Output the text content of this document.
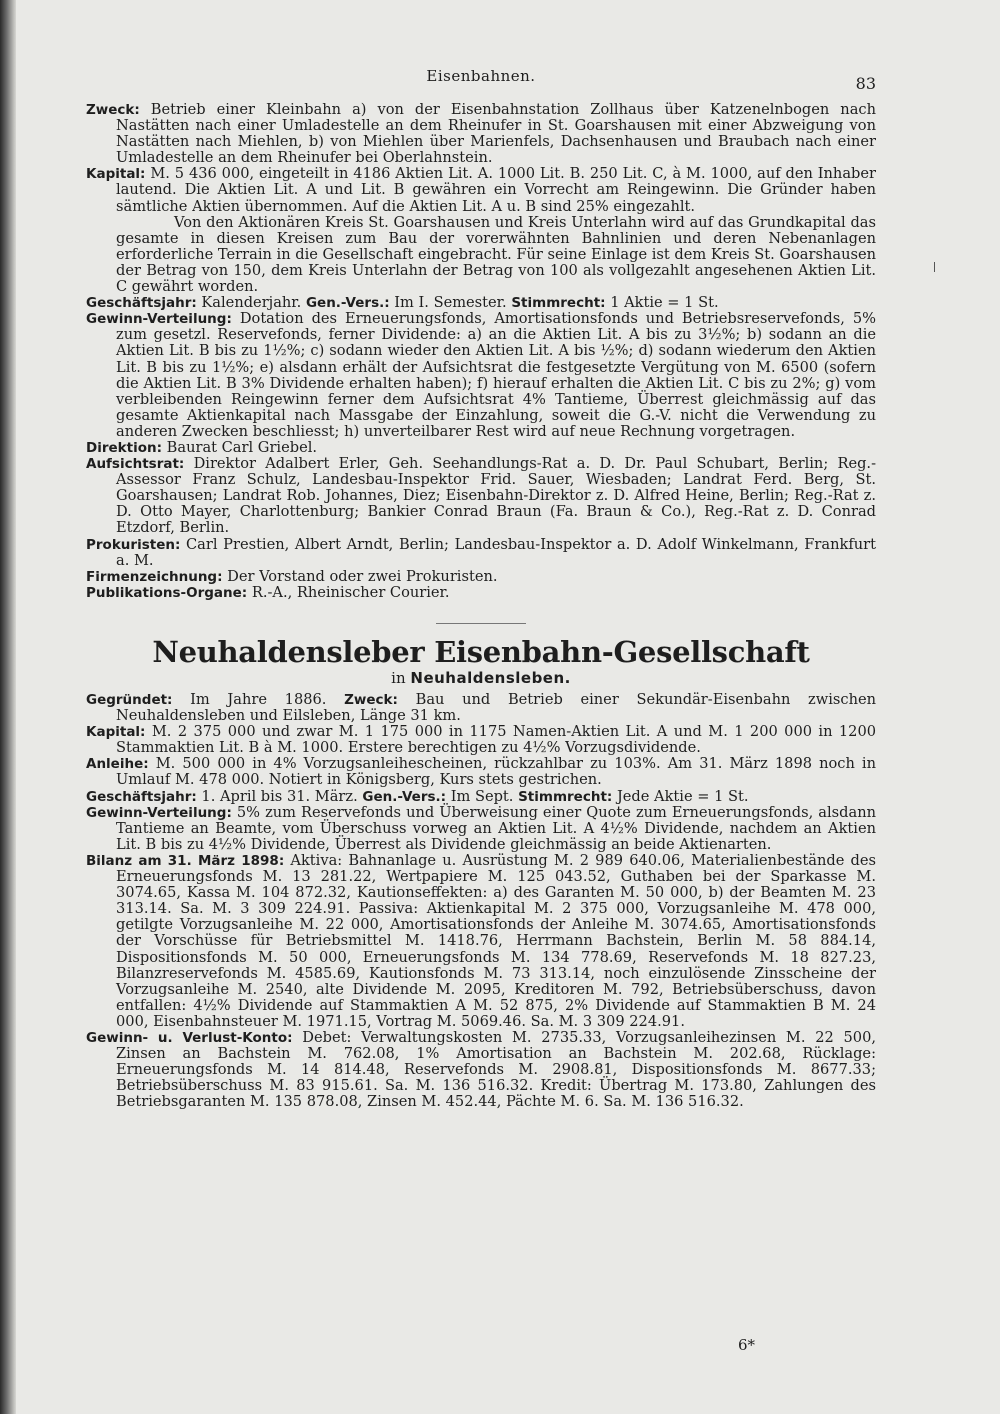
Eisenbahnen.	83

Zweck: Betrieb einer Kleinbahn a) von der Eisenbahnstation Zollhaus über Katzenelnbogen nach Nastätten nach einer Umladestelle an dem Rheinufer in St. Goarshausen mit einer Abzweigung von Nastätten nach Miehlen, b) von Miehlen über Marienfels, Dachsenhausen und Braubach nach einer Umladestelle an dem Rheinufer bei Oberlahnstein.

Kapital: M. 5 436 000, eingeteilt in 4186 Aktien Lit. A. 1000 Lit. B. 250 Lit. C, à M. 1000, auf den Inhaber lautend. Die Aktien Lit. A und Lit. B gewähren ein Vorrecht am Reingewinn. Die Gründer haben sämtliche Aktien übernommen. Auf die Aktien Lit. A u. B sind 25% eingezahlt.

Von den Aktionären Kreis St. Goarshausen und Kreis Unterlahn wird auf das Grundkapital das gesamte in diesen Kreisen zum Bau der vorerwähnten Bahnlinien und deren Nebenanlagen erforderliche Terrain in die Gesellschaft eingebracht. Für seine Einlage ist dem Kreis St. Goarshausen der Betrag von 150, dem Kreis Unterlahn der Betrag von 100 als vollgezahlt angesehenen Aktien Lit. C gewährt worden.

Geschäftsjahr: Kalenderjahr. Gen.-Vers.: Im I. Semester. Stimmrecht: 1 Aktie = 1 St.

Gewinn-Verteilung: Dotation des Erneuerungsfonds, Amortisationsfonds und Betriebsreservefonds, 5% zum gesetzl. Reservefonds, ferner Dividende: a) an die Aktien Lit. A bis zu 3½%; b) sodann an die Aktien Lit. B bis zu 1½%; c) sodann wieder den Aktien Lit. A bis ½%; d) sodann wiederum den Aktien Lit. B bis zu 1½%; e) alsdann erhält der Aufsichtsrat die festgesetzte Vergütung von M. 6500 (sofern die Aktien Lit. B 3% Dividende erhalten haben); f) hierauf erhalten die Aktien Lit. C bis zu 2%; g) vom verbleibenden Reingewinn ferner dem Aufsichtsrat 4% Tantieme, Überrest gleichmässig auf das gesamte Aktienkapital nach Massgabe der Einzahlung, soweit die G.-V. nicht die Verwendung zu anderen Zwecken beschliesst; h) unverteilbarer Rest wird auf neue Rechnung vorgetragen.

Direktion: Baurat Carl Griebel.

Aufsichtsrat: Direktor Adalbert Erler, Geh. Seehandlungs-Rat a. D. Dr. Paul Schubart, Berlin; Reg.-Assessor Franz Schulz, Landesbau-Inspektor Frid. Sauer, Wiesbaden; Landrat Ferd. Berg, St. Goarshausen; Landrat Rob. Johannes, Diez; Eisenbahn-Direktor z. D. Alfred Heine, Berlin; Reg.-Rat z. D. Otto Mayer, Charlottenburg; Bankier Conrad Braun (Fa. Braun & Co.), Reg.-Rat z. D. Conrad Etzdorf, Berlin.

Prokuristen: Carl Prestien, Albert Arndt, Berlin; Landesbau-Inspektor a. D. Adolf Winkelmann, Frankfurt a. M.

Firmenzeichnung: Der Vorstand oder zwei Prokuristen.

Publikations-Organe: R.-A., Rheinischer Courier.

Neuhaldensleber Eisenbahn-Gesellschaft
in Neuhaldensleben.

Gegründet: Im Jahre 1886. Zweck: Bau und Betrieb einer Sekundär-Eisenbahn zwischen Neuhaldensleben und Eilsleben, Länge 31 km.

Kapital: M. 2 375 000 und zwar M. 1 175 000 in 1175 Namen-Aktien Lit. A und M. 1 200 000 in 1200 Stammaktien Lit. B à M. 1000. Erstere berechtigen zu 4½% Vorzugsdividende.

Anleihe: M. 500 000 in 4% Vorzugsanleihescheinen, rückzahlbar zu 103%. Am 31. März 1898 noch in Umlauf M. 478 000. Notiert in Königsberg, Kurs stets gestrichen.

Geschäftsjahr: 1. April bis 31. März. Gen.-Vers.: Im Sept. Stimmrecht: Jede Aktie = 1 St.

Gewinn-Verteilung: 5% zum Reservefonds und Überweisung einer Quote zum Erneuerungsfonds, alsdann Tantieme an Beamte, vom Überschuss vorweg an Aktien Lit. A 4½% Dividende, nachdem an Aktien Lit. B bis zu 4½% Dividende, Überrest als Dividende gleichmässig an beide Aktienarten.

Bilanz am 31. März 1898: Aktiva: Bahnanlage u. Ausrüstung M. 2 989 640.06, Materialienbestände des Erneuerungsfonds M. 13 281.22, Wertpapiere M. 125 043.52, Guthaben bei der Sparkasse M. 3074.65, Kassa M. 104 872.32, Kautionseffekten: a) des Garanten M. 50 000, b) der Beamten M. 23 313.14. Sa. M. 3 309 224.91. Passiva: Aktienkapital M. 2 375 000, Vorzugsanleihe M. 478 000, getilgte Vorzugsanleihe M. 22 000, Amortisationsfonds der Anleihe M. 3074.65, Amortisationsfonds der Vorschüsse für Betriebsmittel M. 1418.76, Herrmann Bachstein, Berlin M. 58 884.14, Dispositionsfonds M. 50 000, Erneuerungsfonds M. 134 778.69, Reservefonds M. 18 827.23, Bilanzreservefonds M. 4585.69, Kautionsfonds M. 73 313.14, noch einzulösende Zinsscheine der Vorzugsanleihe M. 2540, alte Dividende M. 2095, Kreditoren M. 792, Betriebsüberschuss, davon entfallen: 4½% Dividende auf Stammaktien A M. 52 875, 2% Dividende auf Stammaktien B M. 24 000, Eisenbahnsteuer M. 1971.15, Vortrag M. 5069.46. Sa. M. 3 309 224.91.

Gewinn- u. Verlust-Konto: Debet: Verwaltungskosten M. 2735.33, Vorzugsanleihezinsen M. 22 500, Zinsen an Bachstein M. 762.08, 1% Amortisation an Bachstein M. 202.68, Rücklage: Erneuerungsfonds M. 14 814.48, Reservefonds M. 2908.81, Dispositionsfonds M. 8677.33; Betriebsüberschuss M. 83 915.61. Sa. M. 136 516.32. Kredit: Übertrag M. 173.80, Zahlungen des Betriebsgaranten M. 135 878.08, Zinsen M. 452.44, Pächte M. 6. Sa. M. 136 516.32.

6*
